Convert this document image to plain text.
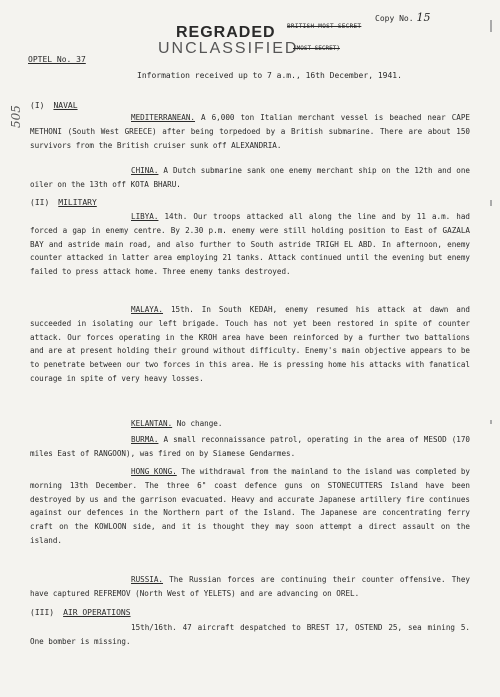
Copy No. 15
BRITISH MOST SECRET
REGRADED
UNCLASSIFIED
(MOST SECRET)
OPTEL No. 37
Information received up to 7 a.m., 16th December, 1941.
505 (I) NAVAL
MEDITERRANEAN. A 6,000 ton Italian merchant vessel is beached near CAPE METHONI (South West GREECE) after being torpedoed by a British submarine. There are about 150 survivors from the British cruiser sunk off ALEXANDRIA.
CHINA. A Dutch submarine sank one enemy merchant ship on the 12th and one oiler on the 13th off KOTA BHARU.
(II) MILITARY
LIBYA. 14th. Our troops attacked all along the line and by 11 a.m. had forced a gap in enemy centre. By 2.30 p.m. enemy were still holding position to East of GAZALA BAY and astride main road, and also further to South astride TRIGH EL ABD. In afternoon, enemy counter attacked in latter area employing 21 tanks. Attack continued until the evening but enemy failed to press attack home. Three enemy tanks destroyed.
MALAYA. 15th. In South KEDAH, enemy resumed his attack at dawn and succeeded in isolating our left brigade. Touch has not yet been restored in spite of counter attack. Our forces operating in the KROH area have been reinforced by a further two battalions and are at present holding their ground without difficulty. Enemy's main objective appears to be to penetrate between our two forces in this area. He is pressing home his attacks with fanatical courage in spite of very heavy losses.
KELANTAN. No change.
BURMA. A small reconnaissance patrol, operating in the area of MESOD (170 miles East of RANGOON), was fired on by Siamese Gendarmes.
HONG KONG. The withdrawal from the mainland to the island was completed by morning 13th December. The three 6" coast defence guns on STONECUTTERS Island have been destroyed by us and the garrison evacuated. Heavy and accurate Japanese artillery fire continues against our defences in the Northern part of the Island. The Japanese are concentrating ferry craft on the KOWLOON side, and it is thought they may soon attempt a direct assault on the island.
RUSSIA. The Russian forces are continuing their counter offensive. They have captured REFREMOV (North West of YELETS) and are advancing on OREL.
(III) AIR OPERATIONS
15th/16th. 47 aircraft despatched to BREST 17, OSTEND 25, sea mining 5. One bomber is missing.
